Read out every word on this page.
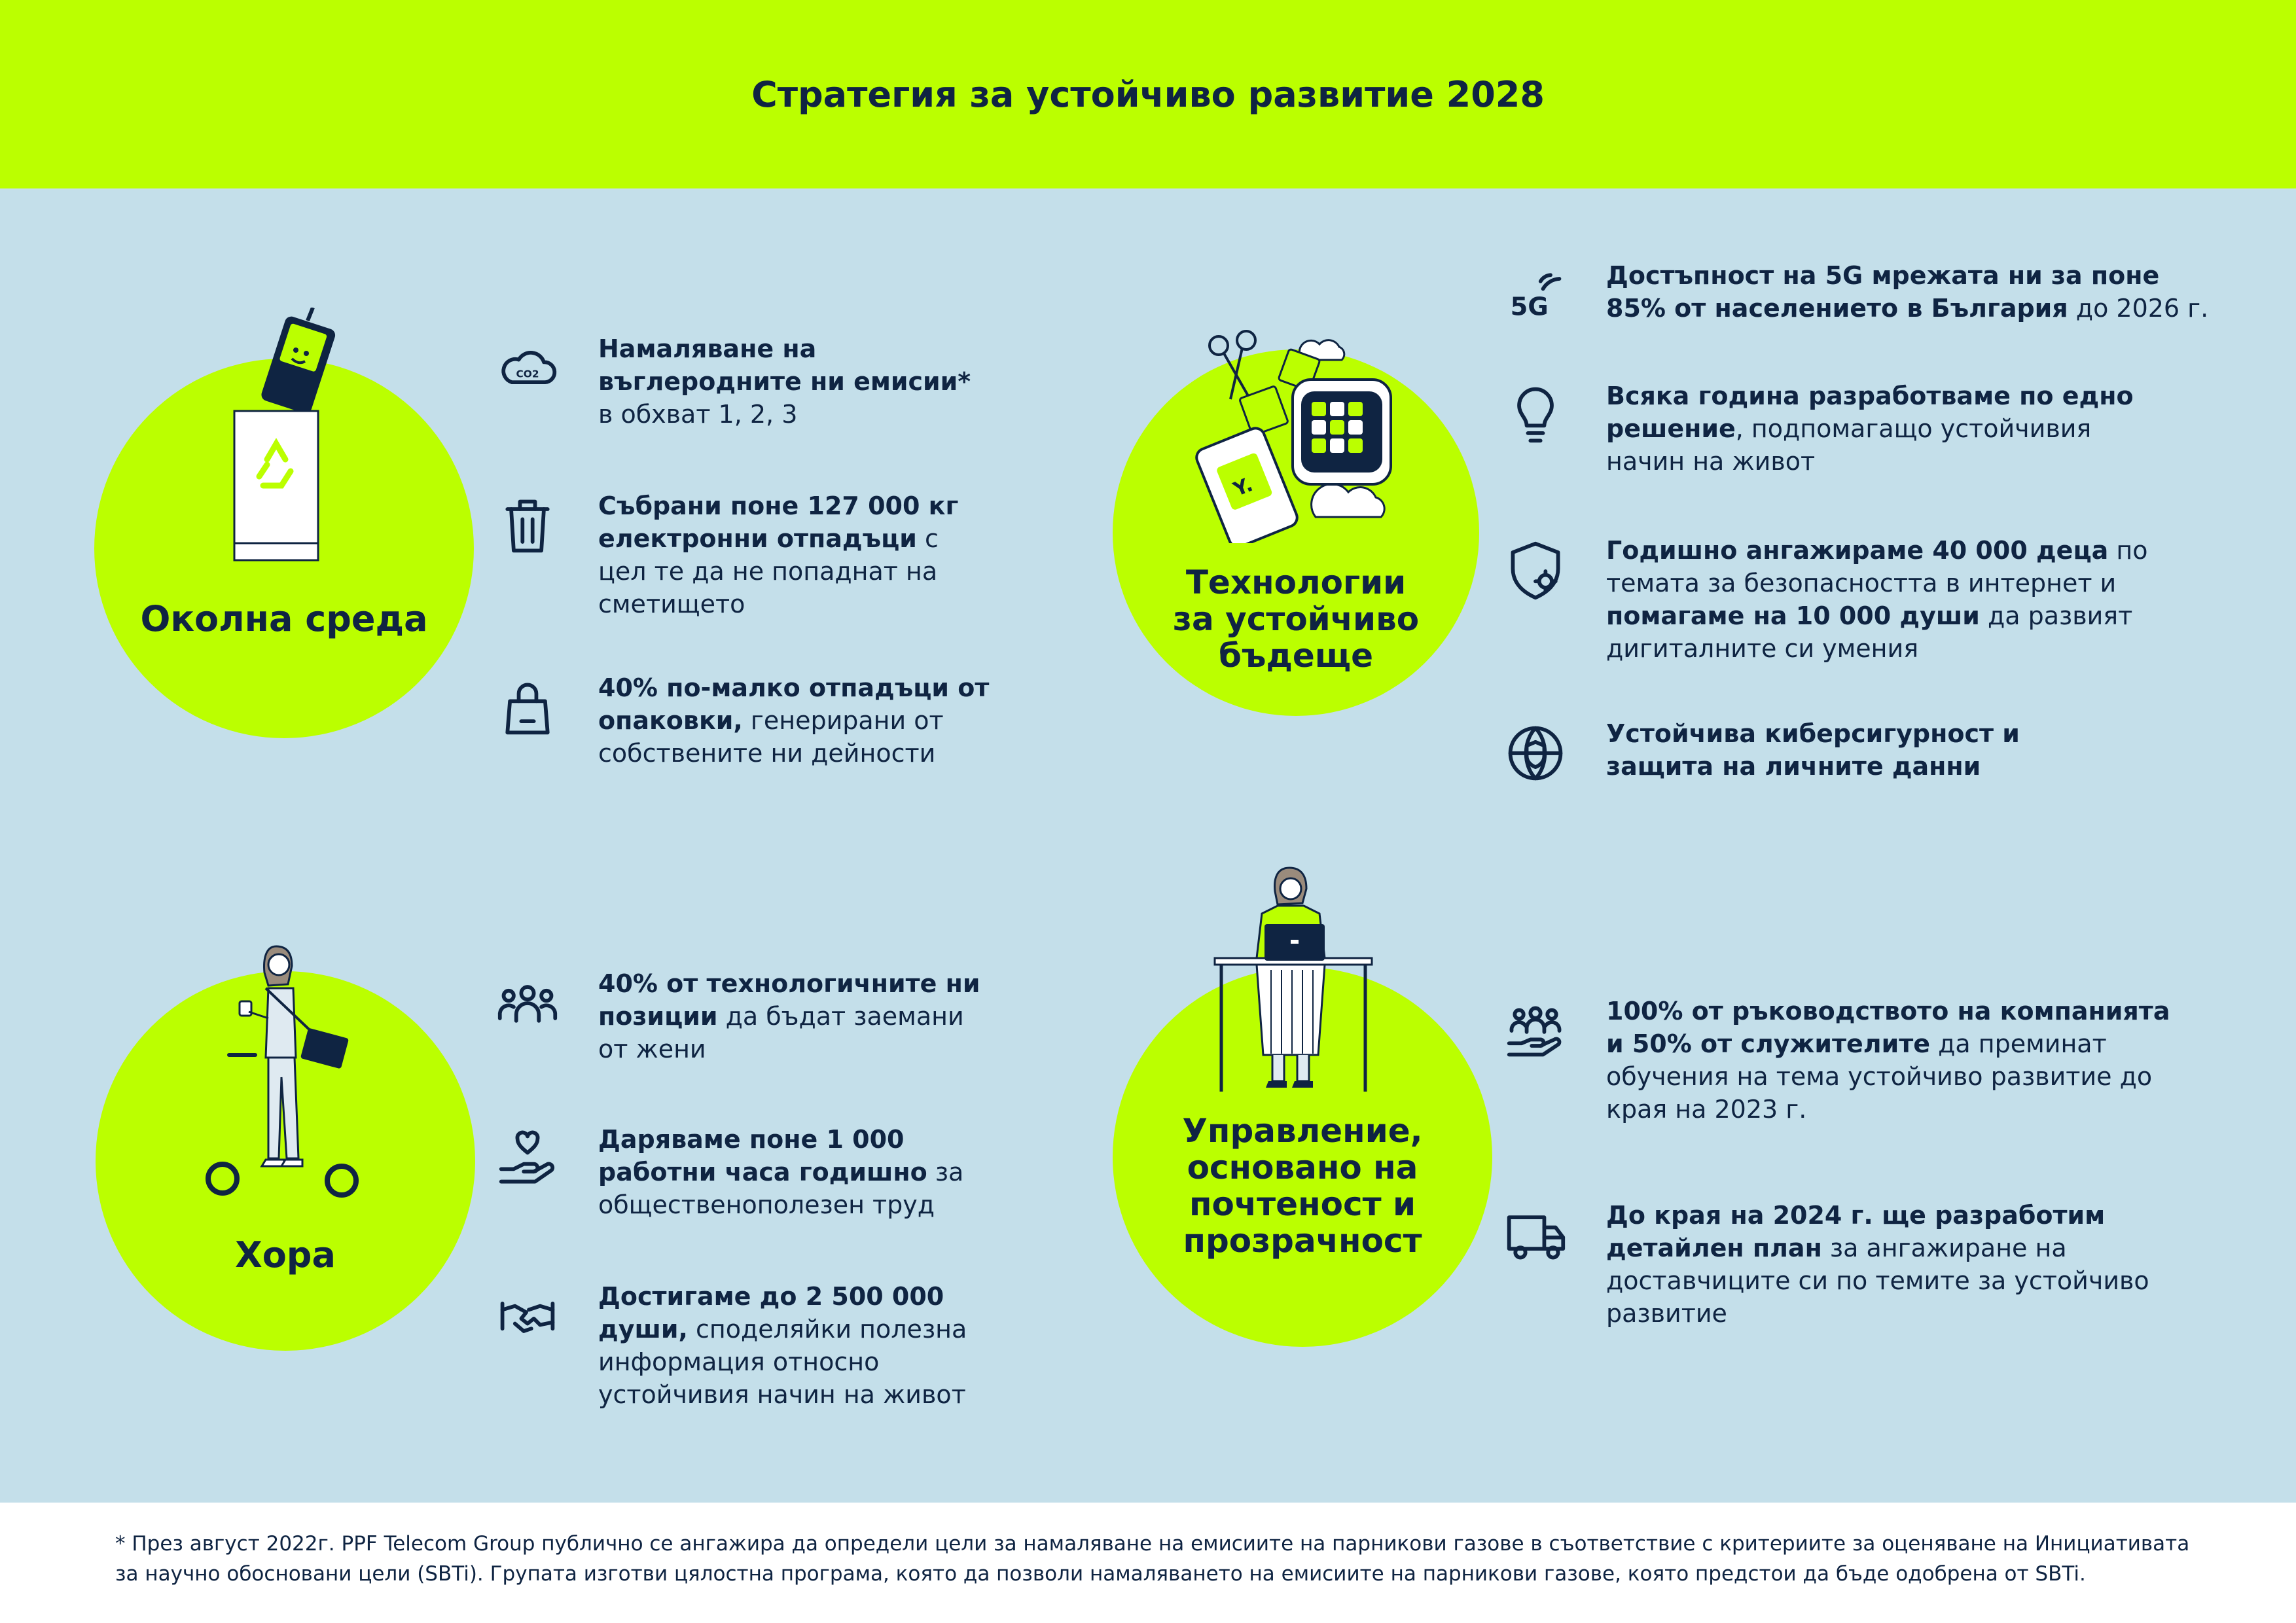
Стратегия за устойчиво развитие 2028
Околна среда
CO2
Намаляване на въглеродните ни емисии* в обхват 1, 2, 3
Събрани поне 127 000 кг електронни отпадъци с цел те да не попаднат на сметището
40% по-малко отпадъци от опаковки, генерирани от собствените ни дейности
Технологии
за устойчиво
бъдеще
Y.
5G
Достъпност на 5G мрежата ни за поне 85% от населението в България до 2026 г.
Всяка година разработваме по едно решение, подпомагащо устойчивия начин на живот
Годишно ангажираме 40 000 деца по темата за безопасността в интернет и помагаме на 10 000 души да развият дигиталните си умения
Устойчива киберсигурност и защита на личните данни
Хора
40% от технологичните ни позиции да бъдат заемани от жени
Даряваме поне 1 000 работни часа годишно за общественополезен труд
Достигаме до 2 500 000 души, споделяйки полезна информация относно устойчивия начин на живот
Управление,
основано на
почтеност и
прозрачност
100% от ръководството на компанията и 50% от служителите да преминат обучения на тема устойчиво развитие до края на 2023 г.
До края на 2024 г. ще разработим детайлен план за ангажиране на доставчиците си по темите за устойчиво развитие

* През август 2022г. PPF Telecom Group публично се ангажира да определи цели за намаляване на емисиите на парникови газове в съответствие с критериите за оценяване на Инициативата за научно обосновани цели (SBTi). Групата изготви цялостна програма, която да позволи намаляването на емисиите на парникови газове, която предстои да бъде одобрена от SBTi.
